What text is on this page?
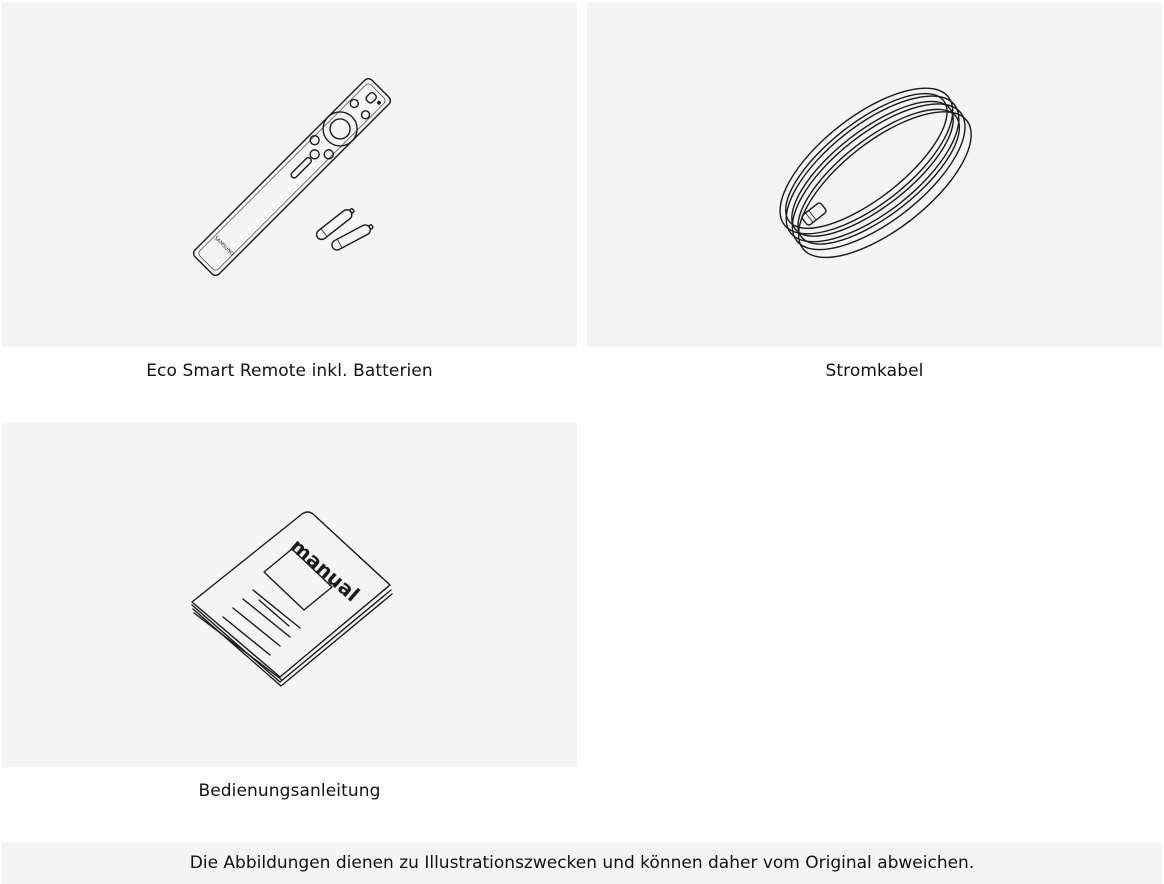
SAMSUNG
Eco Smart Remote inkl. Batterien	Stromkabel
manual
Bedienungsanleitung
Die Abbildungen dienen zu Illustrationszwecken und können daher vom Original abweichen.
